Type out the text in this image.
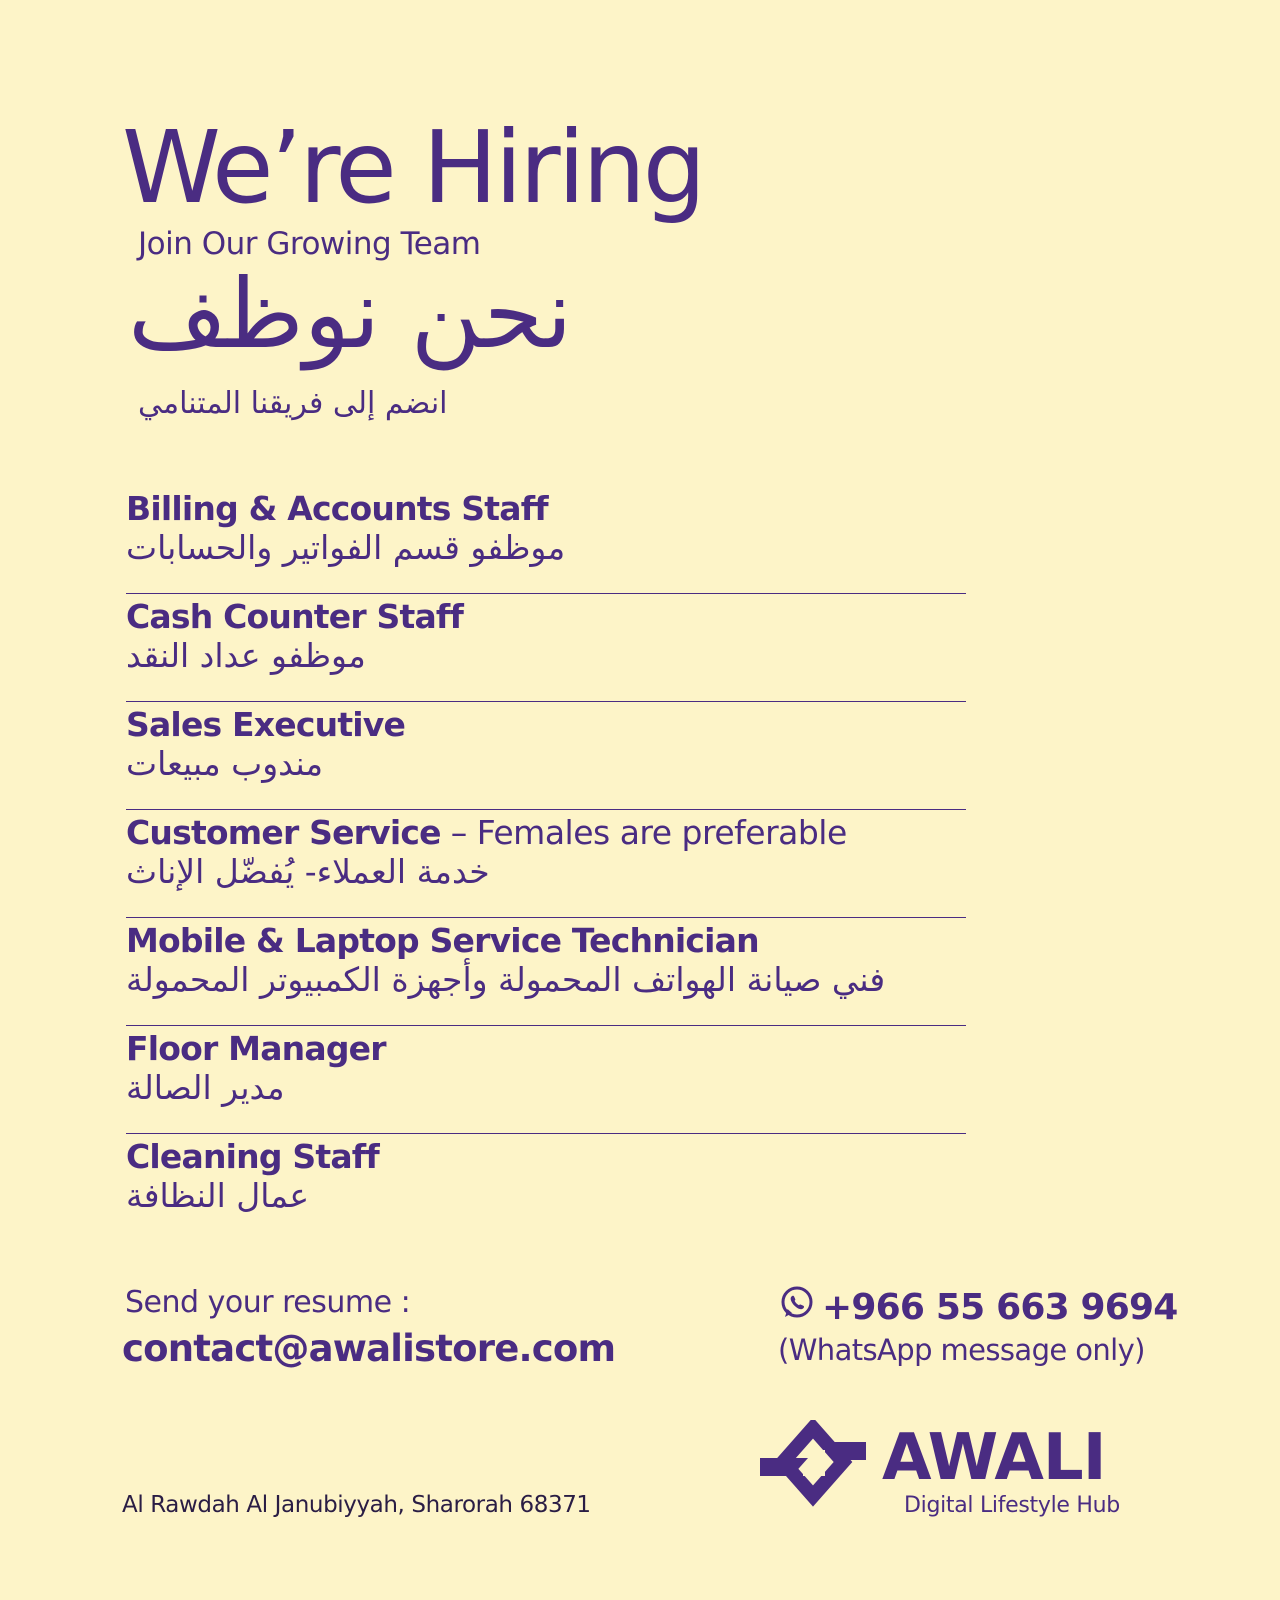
We’re Hiring
Join Our Growing Team
نحن نوظف
انضم إلى فريقنا المتنامي
Billing & Accounts Staff
موظفو قسم الفواتير والحسابات
Cash Counter Staff
موظفو عداد النقد
Sales Executive
مندوب مبيعات
Customer Service – Females are preferable
خدمة العملاء- يُفضّل الإناث
Mobile & Laptop Service Technician
فني صيانة الهواتف المحمولة وأجهزة الكمبيوتر المحمولة
Floor Manager
مدير الصالة
Cleaning Staff
عمال النظافة
Send your resume :
contact@awalistore.com
+966 55 663 9694
(WhatsApp message only)
Al Rawdah Al Janubiyyah, Sharorah 68371
AWALI
Digital Lifestyle Hub
